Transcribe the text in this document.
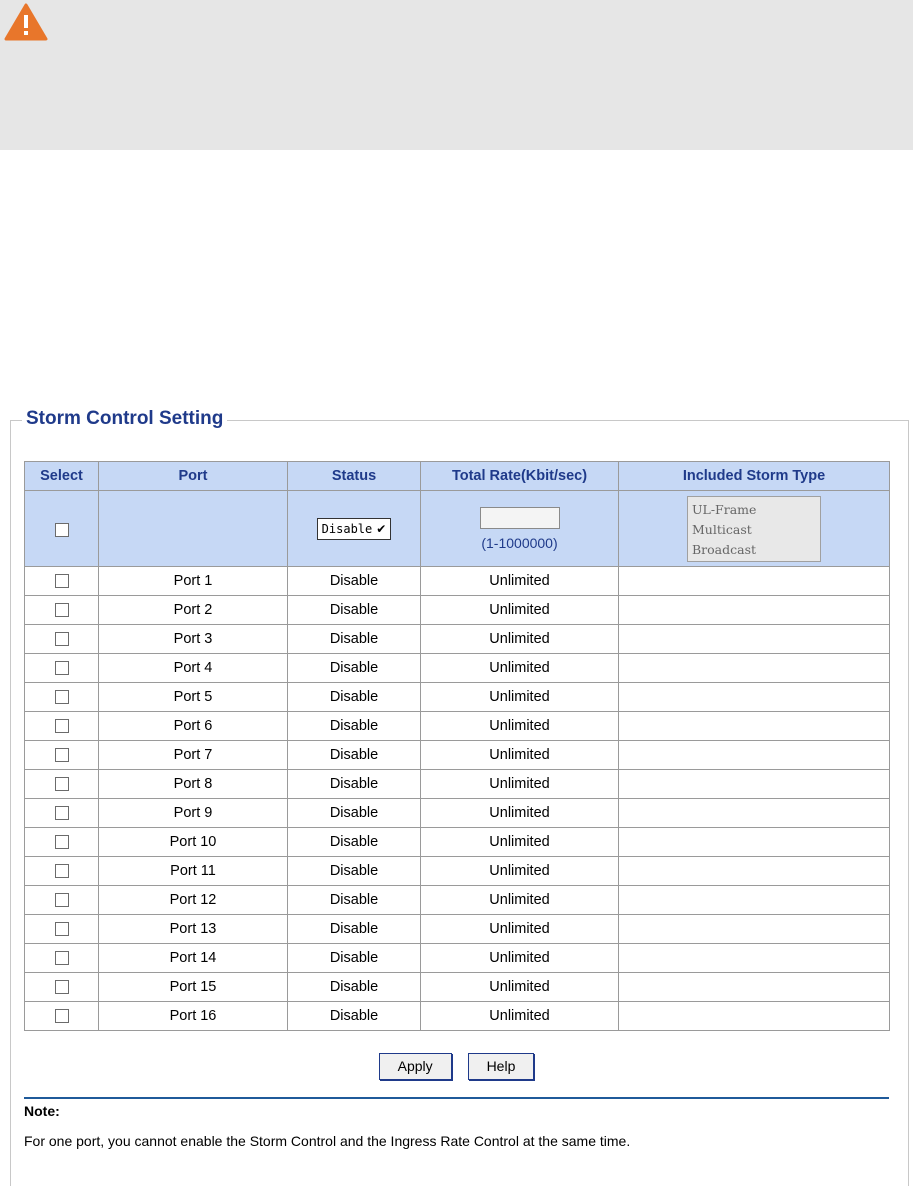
Storm Control Setting
Select	Port	Status	Total Rate(Kbit/sec)	Included Storm Type
		Disable ✔	(1-1000000)	UL-Frame
Multicast
Broadcast

	Port 1	Disable	Unlimited	
	Port 2	Disable	Unlimited	
	Port 3	Disable	Unlimited	
	Port 4	Disable	Unlimited	
	Port 5	Disable	Unlimited	
	Port 6	Disable	Unlimited	
	Port 7	Disable	Unlimited	
	Port 8	Disable	Unlimited	
	Port 9	Disable	Unlimited	
	Port 10	Disable	Unlimited	
	Port 11	Disable	Unlimited	
	Port 12	Disable	Unlimited	
	Port 13	Disable	Unlimited	
	Port 14	Disable	Unlimited	
	Port 15	Disable	Unlimited	
	Port 16	Disable	Unlimited	
Apply	Help
Note:
For one port, you cannot enable the Storm Control and the Ingress Rate Control at the same time.
